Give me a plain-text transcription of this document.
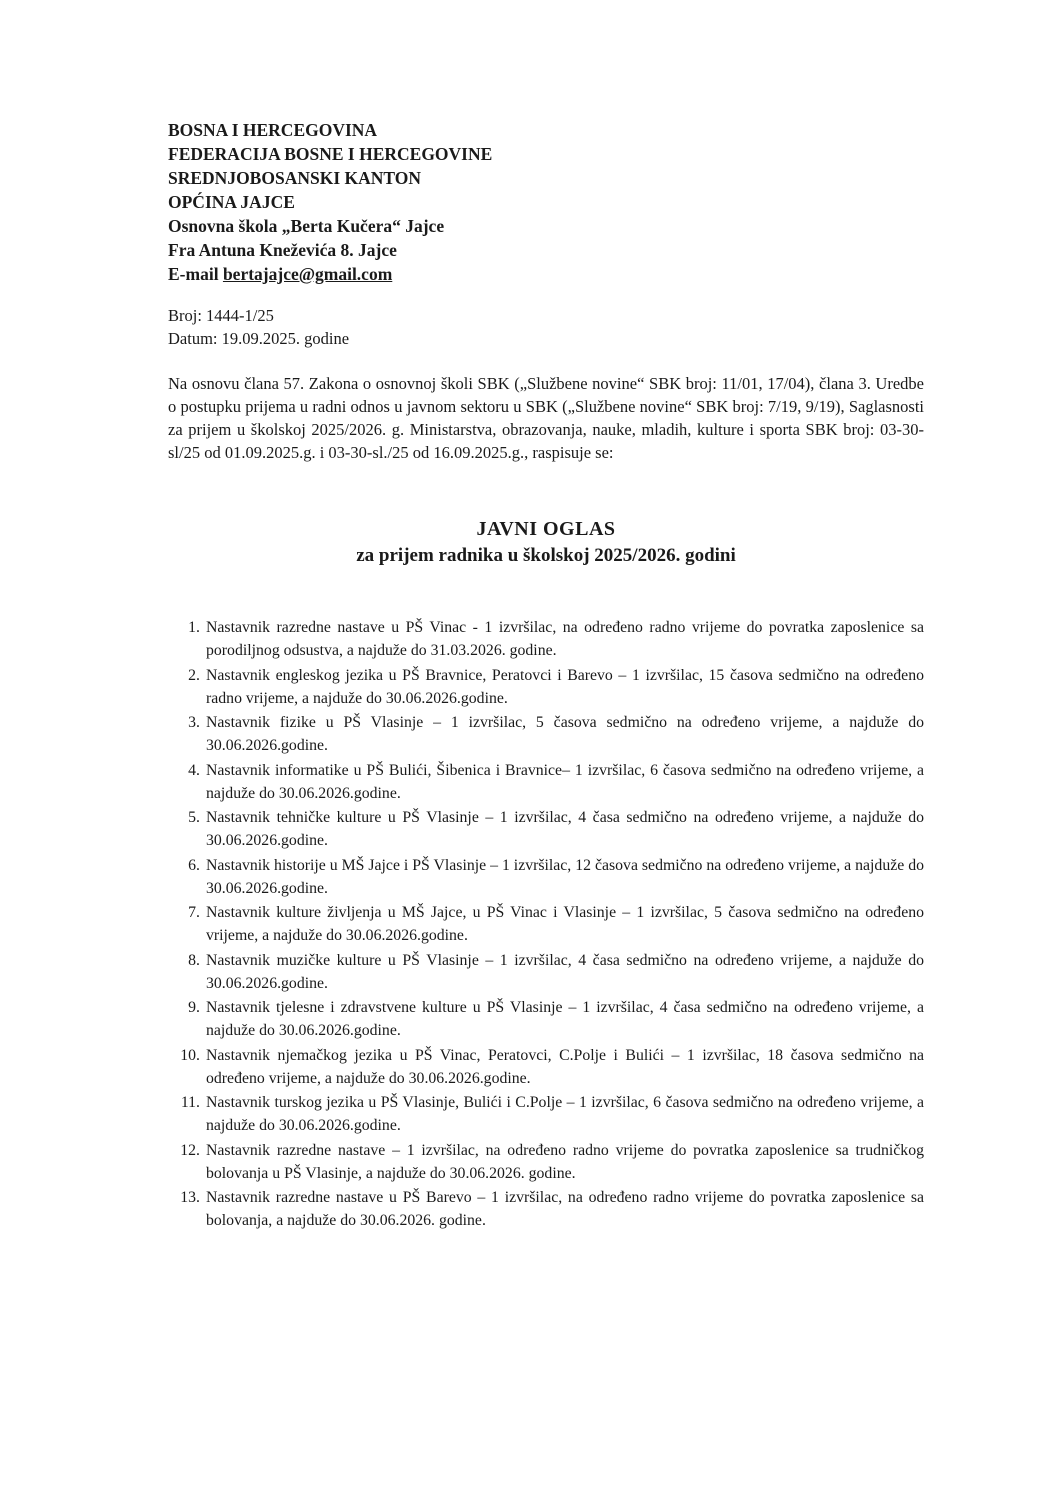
BOSNA I HERCEGOVINA
FEDERACIJA BOSNE I HERCEGOVINE
SREDNJOBOSANSKI KANTON
OPĆINA JAJCE
Osnovna škola „Berta Kučera“ Jajce
Fra Antuna Kneževića 8. Jajce
E-mail bertajajce@gmail.com
Broj: 1444-1/25
Datum: 19.09.2025. godine
Na osnovu člana 57. Zakona o osnovnoj školi SBK („Službene novine“ SBK broj: 11/01, 17/04), člana 3. Uredbe o postupku prijema u radni odnos u javnom sektoru u SBK („Službene novine“ SBK broj: 7/19, 9/19), Saglasnosti za prijem u školskoj 2025/2026. g. Ministarstva, obrazovanja, nauke, mladih, kulture i sporta SBK broj: 03-30-sl/25 od 01.09.2025.g. i 03-30-sl./25 od 16.09.2025.g., raspisuje se:
JAVNI OGLAS
za prijem radnika u školskoj 2025/2026. godini
1. Nastavnik razredne nastave u PŠ Vinac - 1 izvršilac, na određeno radno vrijeme do povratka zaposlenice sa porodiljnog odsustva, a najduže do 31.03.2026. godine.
2. Nastavnik engleskog jezika u PŠ Bravnice, Peratovci i Barevo – 1 izvršilac, 15 časova sedmično na određeno radno vrijeme, a najduže do 30.06.2026.godine.
3. Nastavnik fizike u PŠ Vlasinje – 1 izvršilac, 5 časova sedmično na određeno vrijeme, a najduže do 30.06.2026.godine.
4. Nastavnik informatike u PŠ Bulići, Šibenica i Bravnice– 1 izvršilac, 6 časova sedmično na određeno vrijeme, a najduže do 30.06.2026.godine.
5. Nastavnik tehničke kulture u PŠ Vlasinje – 1 izvršilac, 4 časa sedmično na određeno vrijeme, a najduže do 30.06.2026.godine.
6. Nastavnik historije u MŠ Jajce i PŠ Vlasinje – 1 izvršilac, 12 časova sedmično na određeno vrijeme, a najduže do 30.06.2026.godine.
7. Nastavnik kulture življenja u MŠ Jajce, u PŠ Vinac i Vlasinje – 1 izvršilac, 5 časova sedmično na određeno vrijeme, a najduže do 30.06.2026.godine.
8. Nastavnik muzičke kulture u PŠ Vlasinje – 1 izvršilac, 4 časa sedmično na određeno vrijeme, a najduže do 30.06.2026.godine.
9. Nastavnik tjelesne i zdravstvene kulture u PŠ Vlasinje – 1 izvršilac, 4 časa sedmično na određeno vrijeme, a najduže do 30.06.2026.godine.
10. Nastavnik njemačkog jezika u PŠ Vinac, Peratovci, C.Polje i Bulići – 1 izvršilac, 18 časova sedmično na određeno vrijeme, a najduže do 30.06.2026.godine.
11. Nastavnik turskog jezika u PŠ Vlasinje, Bulići i C.Polje – 1 izvršilac, 6 časova sedmično na određeno vrijeme, a najduže do 30.06.2026.godine.
12. Nastavnik razredne nastave – 1 izvršilac, na određeno radno vrijeme do povratka zaposlenice sa trudničkog bolovanja u PŠ Vlasinje, a najduže do 30.06.2026. godine.
13. Nastavnik razredne nastave u PŠ Barevo – 1 izvršilac, na određeno radno vrijeme do povratka zaposlenice sa bolovanja, a najduže do 30.06.2026. godine.
